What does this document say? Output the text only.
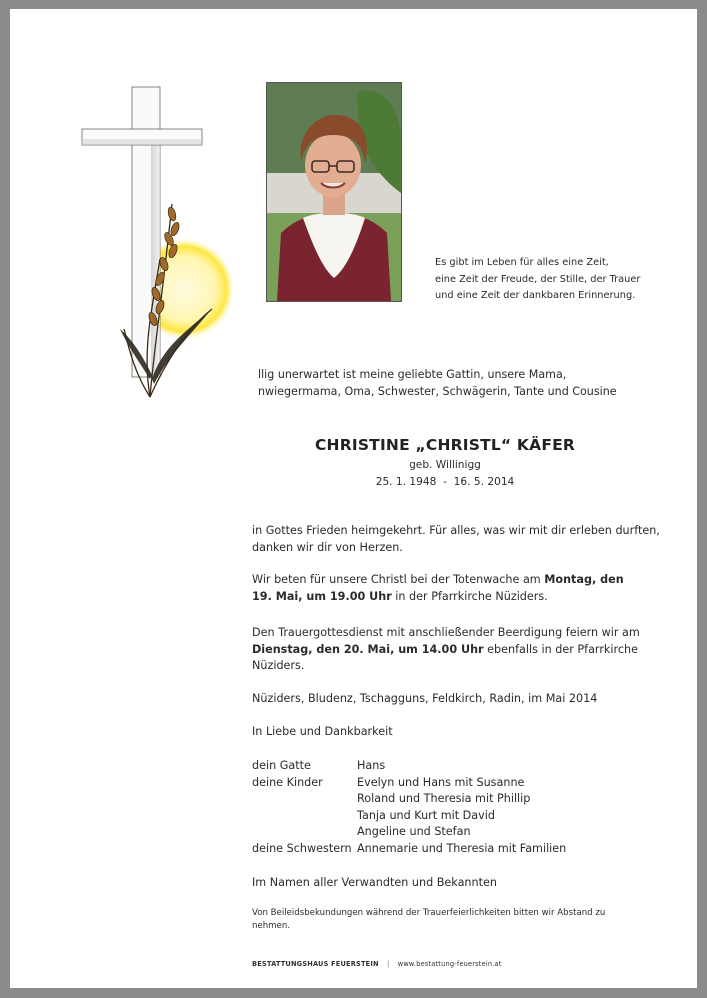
Es gibt im Leben für alles eine Zeit,
eine Zeit der Freude, der Stille, der Trauer
und eine Zeit der dankbaren Erinnerung.
llig unerwartet ist meine geliebte Gattin, unsere Mama,
nwiegermama, Oma, Schwester, Schwägerin, Tante und Cousine
CHRISTINE „CHRISTL“ KÄFER
geb. Willinigg
25. 1. 1948  -  16. 5. 2014
in Gottes Frieden heimgekehrt. Für alles, was wir mit dir erleben durften,
danken wir dir von Herzen.
Wir beten für unsere Christl bei der Totenwache am Montag, den
19. Mai, um 19.00 Uhr in der Pfarrkirche Nüziders.
Den Trauergottesdienst mit anschließender Beerdigung feiern wir am
Dienstag, den 20. Mai, um 14.00 Uhr ebenfalls in der Pfarrkirche
Nüziders.
Nüziders, Bludenz, Tschagguns, Feldkirch, Radin, im Mai 2014
In Liebe und Dankbarkeit
dein Gatte
deine Kinder
deine Schwestern
Hans
Evelyn und Hans mit Susanne
Roland und Theresia mit Phillip
Tanja und Kurt mit David
Angeline und Stefan
Annemarie und Theresia mit Familien
Im Namen aller Verwandten und Bekannten
Von Beileidsbekundungen während der Trauerfeierlichkeiten bitten wir Abstand zu nehmen.
BESTATTUNGSHAUS FEUERSTEIN | www.bestattung-feuerstein.at
